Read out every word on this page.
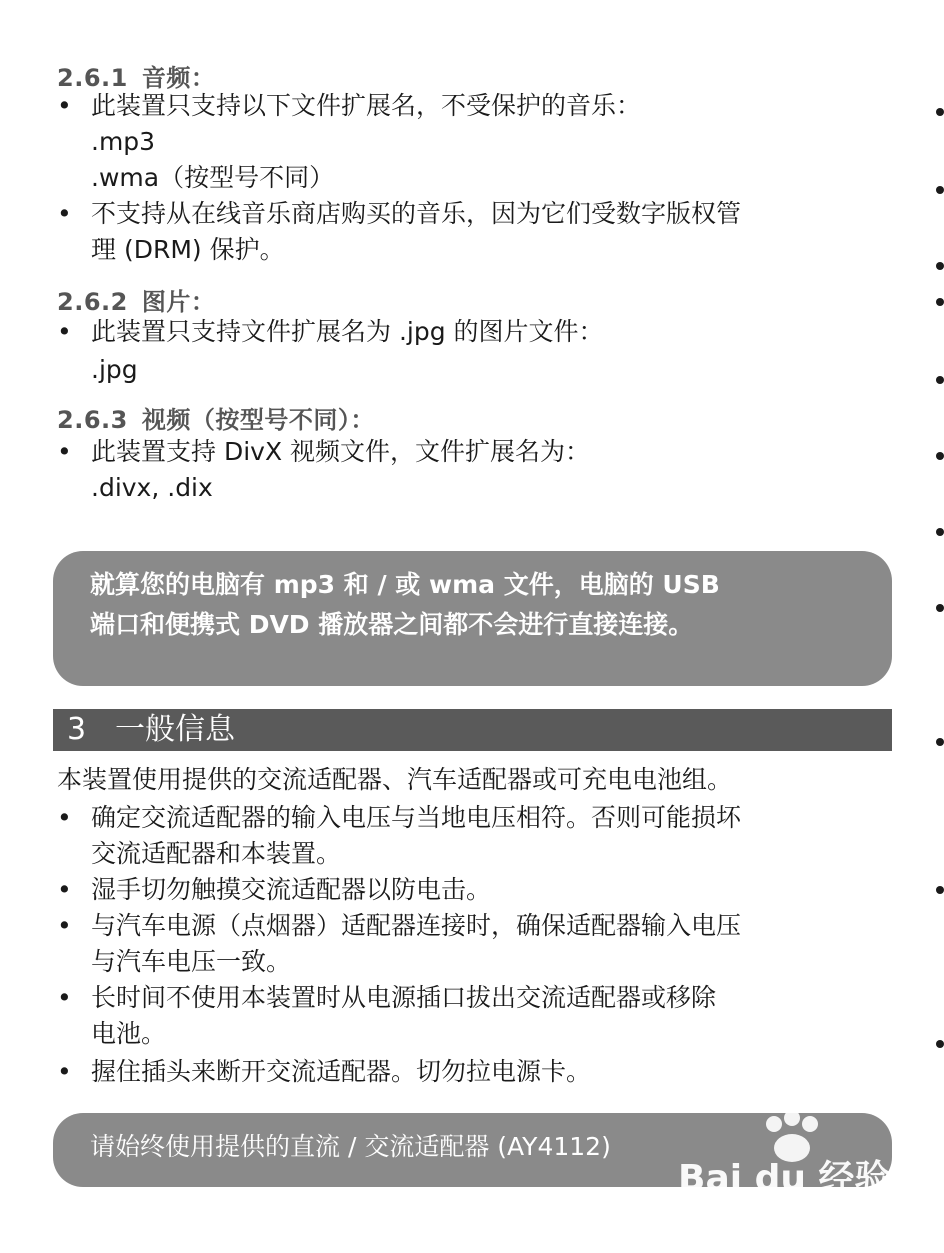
2.6.1 音频：
• 此装置只支持以下文件扩展名，不受保护的音乐：
.mp3
.wma（按型号不同）
• 不支持从在线音乐商店购买的音乐，因为它们受数字版权管
理 (DRM) 保护。
2.6.2 图片：
• 此装置只支持文件扩展名为 .jpg 的图片文件：
.jpg
2.6.3 视频（按型号不同）：
• 此装置支持 DivX 视频文件，文件扩展名为：
.divx, .dix
就算您的电脑有 mp3 和 / 或 wma 文件，电脑的 USB
端口和便携式 DVD 播放器之间都不会进行直接连接。
3 一般信息
本装置使用提供的交流适配器、汽车适配器或可充电电池组。
• 确定交流适配器的输入电压与当地电压相符。否则可能损坏
交流适配器和本装置。
• 湿手切勿触摸交流适配器以防电击。
• 与汽车电源（点烟器）适配器连接时，确保适配器输入电压
与汽车电压一致。
• 长时间不使用本装置时从电源插口拔出交流适配器或移除
电池。
• 握住插头来断开交流适配器。切勿拉电源卡。
请始终使用提供的直流 / 交流适配器 (AY4112)
Bai du 经验
jingyan.baidu.com
